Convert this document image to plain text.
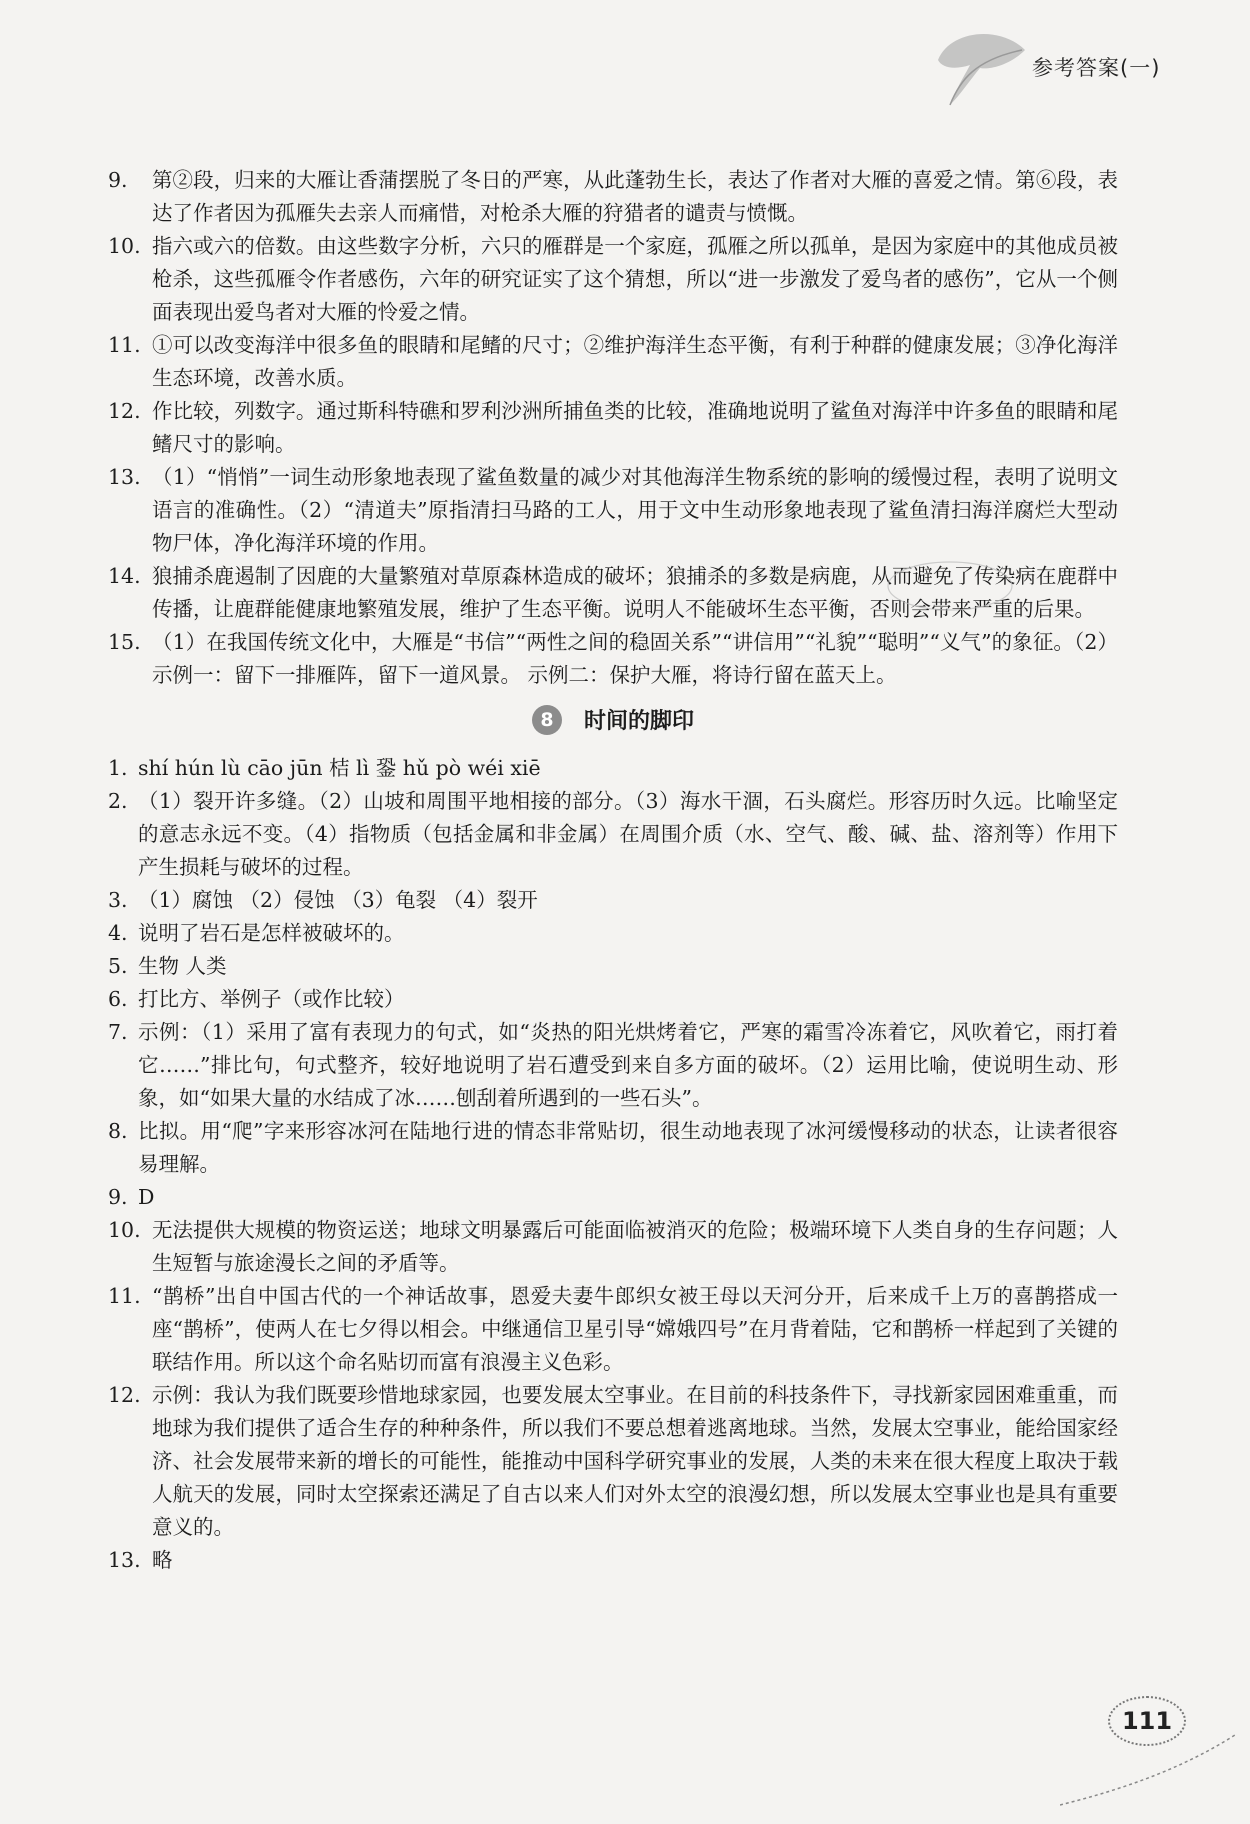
参考答案(一)
9.	第②段，归来的大雁让香蒲摆脱了冬日的严寒，从此蓬勃生长，表达了作者对大雁的喜爱之情。第⑥段，表达了作者因为孤雁失去亲人而痛惜，对枪杀大雁的狩猎者的谴责与愤慨。
10. 指六或六的倍数。由这些数字分析，六只的雁群是一个家庭，孤雁之所以孤单，是因为家庭中的其他成员被枪杀，这些孤雁令作者感伤，六年的研究证实了这个猜想，所以“进一步激发了爱鸟者的感伤”，它从一个侧面表现出爱鸟者对大雁的怜爱之情。
11. ①可以改变海洋中很多鱼的眼睛和尾鳍的尺寸；②维护海洋生态平衡，有利于种群的健康发展；③净化海洋生态环境，改善水质。
12. 作比较，列数字。通过斯科特礁和罗利沙洲所捕鱼类的比较，准确地说明了鲨鱼对海洋中许多鱼的眼睛和尾鳍尺寸的影响。
13. （1）“悄悄”一词生动形象地表现了鲨鱼数量的减少对其他海洋生物系统的影响的缓慢过程，表明了说明文语言的准确性。（2）“清道夫”原指清扫马路的工人，用于文中生动形象地表现了鲨鱼清扫海洋腐烂大型动物尸体，净化海洋环境的作用。
14. 狼捕杀鹿遏制了因鹿的大量繁殖对草原森林造成的破坏；狼捕杀的多数是病鹿，从而避免了传染病在鹿群中传播，让鹿群能健康地繁殖发展，维护了生态平衡。说明人不能破坏生态平衡，否则会带来严重的后果。
15. （1）在我国传统文化中，大雁是“书信”“两性之间的稳固关系”“讲信用”“礼貌”“聪明”“义气”的象征。（2）示例一：留下一排雁阵，留下一道风景。 示例二：保护大雁，将诗行留在蓝天上。
8 时间的脚印
1. shí hún lù cāo jūn 桔 lì 銎 hǔ pò wéi xiē
2. （1）裂开许多缝。（2）山坡和周围平地相接的部分。（3）海水干涸，石头腐烂。形容历时久远。比喻坚定的意志永远不变。（4）指物质（包括金属和非金属）在周围介质（水、空气、酸、碱、盐、溶剂等）作用下产生损耗与破坏的过程。
3. （1）腐蚀 （2）侵蚀 （3）龟裂 （4）裂开
4. 说明了岩石是怎样被破坏的。
5. 生物 人类
6. 打比方、举例子（或作比较）
7. 示例：（1）采用了富有表现力的句式，如“炎热的阳光烘烤着它，严寒的霜雪冷冻着它，风吹着它，雨打着它……”排比句，句式整齐，较好地说明了岩石遭受到来自多方面的破坏。（2）运用比喻，使说明生动、形象，如“如果大量的水结成了冰……刨刮着所遇到的一些石头”。
8. 比拟。用“爬”字来形容冰河在陆地行进的情态非常贴切，很生动地表现了冰河缓慢移动的状态，让读者很容易理解。
9. D
10. 无法提供大规模的物资运送；地球文明暴露后可能面临被消灭的危险；极端环境下人类自身的生存问题；人生短暂与旅途漫长之间的矛盾等。
11. “鹊桥”出自中国古代的一个神话故事，恩爱夫妻牛郎织女被王母以天河分开，后来成千上万的喜鹊搭成一座“鹊桥”，使两人在七夕得以相会。中继通信卫星引导“嫦娥四号”在月背着陆，它和鹊桥一样起到了关键的联结作用。所以这个命名贴切而富有浪漫主义色彩。
12. 示例：我认为我们既要珍惜地球家园，也要发展太空事业。在目前的科技条件下，寻找新家园困难重重，而地球为我们提供了适合生存的种种条件，所以我们不要总想着逃离地球。当然，发展太空事业，能给国家经济、社会发展带来新的增长的可能性，能推动中国科学研究事业的发展，人类的未来在很大程度上取决于载人航天的发展，同时太空探索还满足了自古以来人们对外太空的浪漫幻想，所以发展太空事业也是具有重要意义的。
13. 略
111
